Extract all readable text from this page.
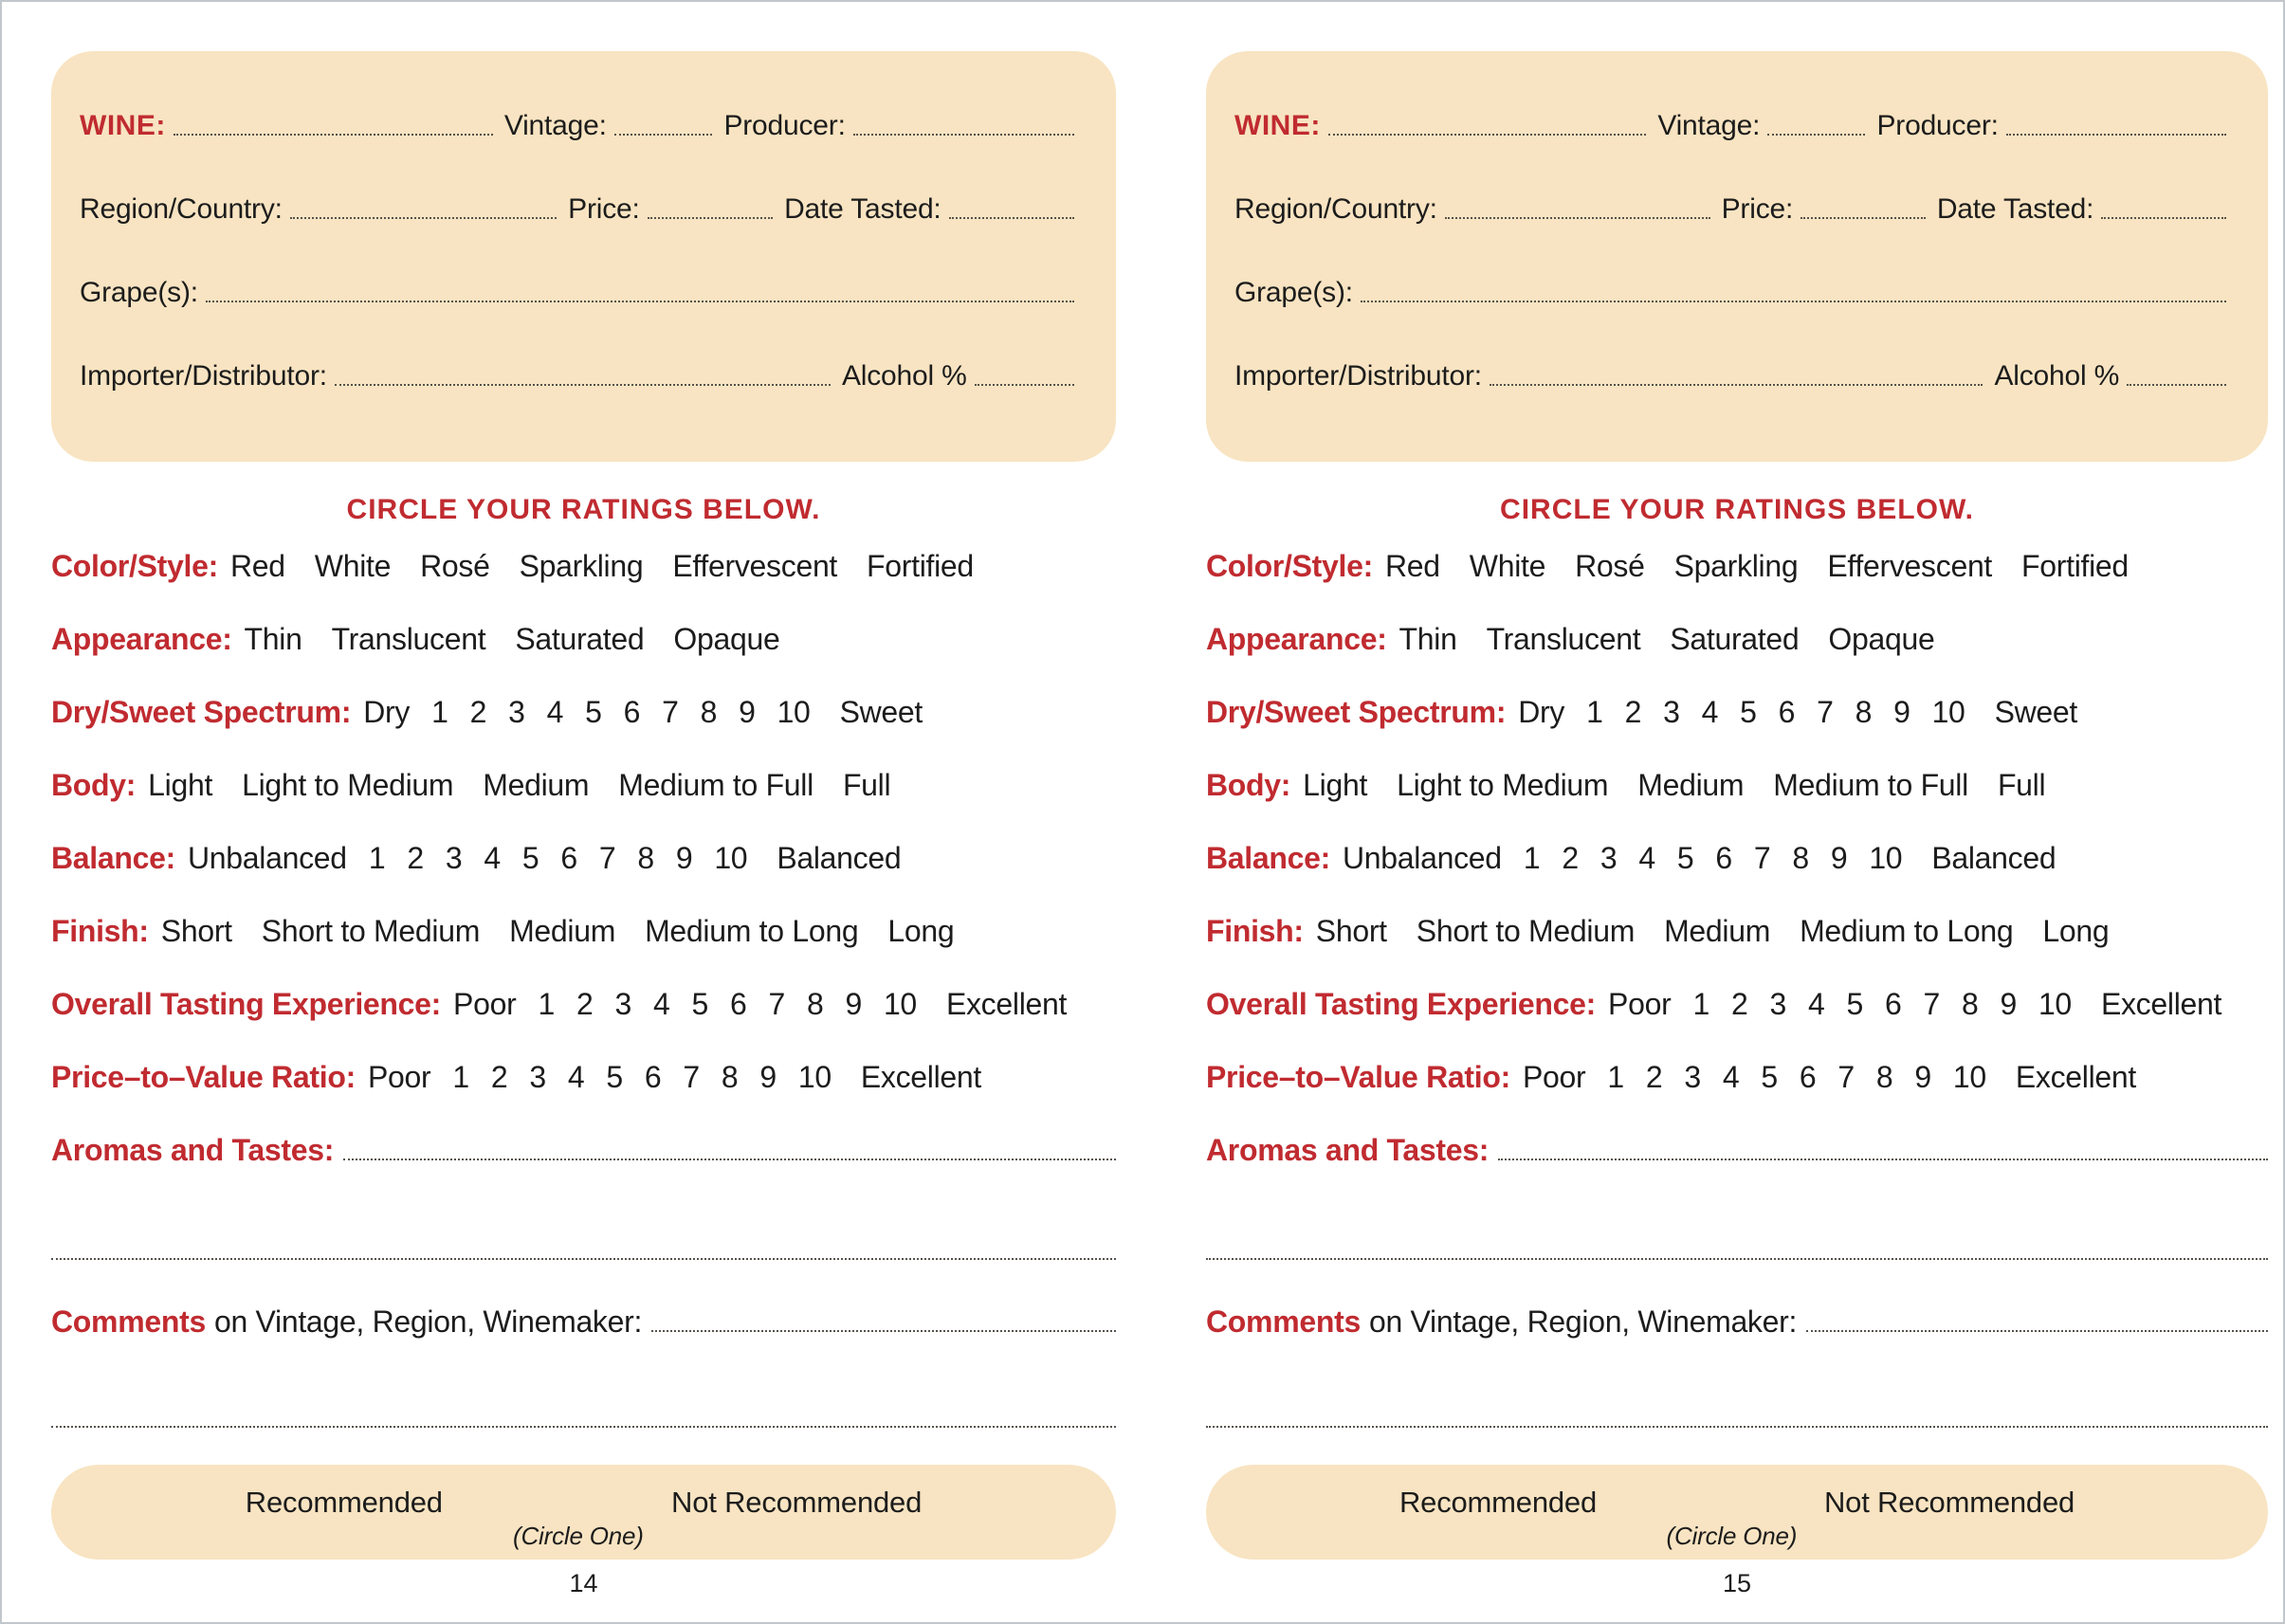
WINE:	Vintage:	Producer:
Region/Country:	Price:	Date Tasted:
Grape(s):
Importer/Distributor:	Alcohol %
CIRCLE YOUR RATINGS BELOW.
Color/Style: Red White Rosé Sparkling Effervescent Fortified
Appearance: Thin Translucent Saturated Opaque
Dry/Sweet Spectrum: Dry 1 2 3 4 5 6 7 8 9 10 Sweet
Body: Light Light to Medium Medium Medium to Full Full
Balance: Unbalanced 1 2 3 4 5 6 7 8 9 10 Balanced
Finish: Short Short to Medium Medium Medium to Long Long
Overall Tasting Experience: Poor 1 2 3 4 5 6 7 8 9 10 Excellent
Price–to–Value Ratio: Poor 1 2 3 4 5 6 7 8 9 10 Excellent
Aromas and Tastes:
Comments on Vintage, Region, Winemaker:
Recommended	Not Recommended
(Circle One)
14
WINE:	Vintage:	Producer:
Region/Country:	Price:	Date Tasted:
Grape(s):
Importer/Distributor:	Alcohol %
CIRCLE YOUR RATINGS BELOW.
Color/Style: Red White Rosé Sparkling Effervescent Fortified
Appearance: Thin Translucent Saturated Opaque
Dry/Sweet Spectrum: Dry 1 2 3 4 5 6 7 8 9 10 Sweet
Body: Light Light to Medium Medium Medium to Full Full
Balance: Unbalanced 1 2 3 4 5 6 7 8 9 10 Balanced
Finish: Short Short to Medium Medium Medium to Long Long
Overall Tasting Experience: Poor 1 2 3 4 5 6 7 8 9 10 Excellent
Price–to–Value Ratio: Poor 1 2 3 4 5 6 7 8 9 10 Excellent
Aromas and Tastes:
Comments on Vintage, Region, Winemaker:
Recommended	Not Recommended
(Circle One)
15
